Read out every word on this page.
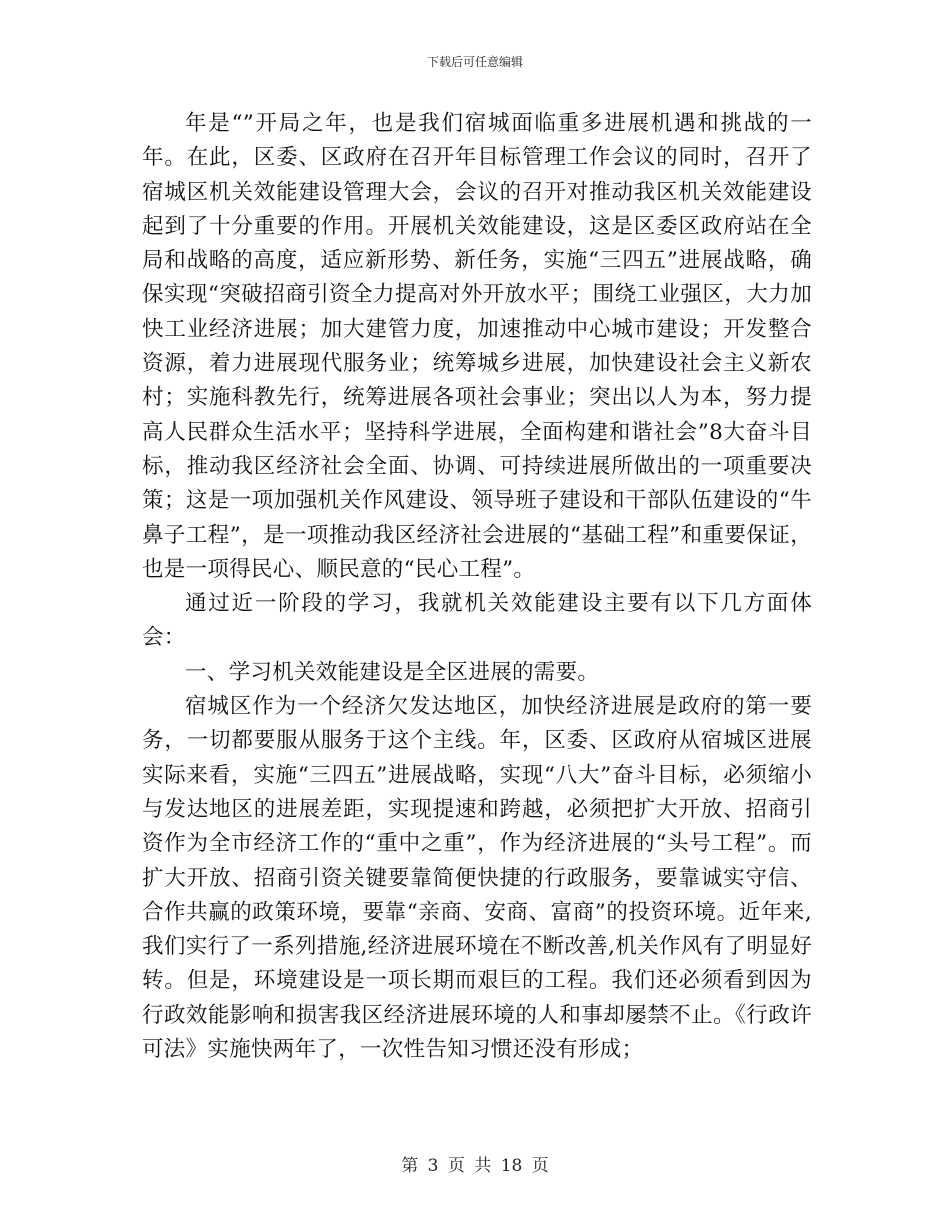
下载后可任意编辑

年是“”开局之年，也是我们宿城面临重多进展机遇和挑战的一年。在此，区委、区政府在召开年目标管理工作会议的同时，召开了宿城区机关效能建设管理大会，会议的召开对推动我区机关效能建设起到了十分重要的作用。开展机关效能建设，这是区委区政府站在全局和战略的高度，适应新形势、新任务，实施“三四五”进展战略，确保实现“突破招商引资全力提高对外开放水平；围绕工业强区，大力加快工业经济进展；加大建管力度，加速推动中心城市建设；开发整合资源，着力进展现代服务业；统筹城乡进展，加快建设社会主义新农村；实施科教先行，统筹进展各项社会事业；突出以人为本，努力提高人民群众生活水平；坚持科学进展，全面构建和谐社会”8大奋斗目标，推动我区经济社会全面、协调、可持续进展所做出的一项重要决策；这是一项加强机关作风建设、领导班子建设和干部队伍建设的“牛鼻子工程”，是一项推动我区经济社会进展的“基础工程”和重要保证，也是一项得民心、顺民意的“民心工程”。

通过近一阶段的学习，我就机关效能建设主要有以下几方面体会：

一、学习机关效能建设是全区进展的需要。

宿城区作为一个经济欠发达地区，加快经济进展是政府的第一要务，一切都要服从服务于这个主线。年，区委、区政府从宿城区进展实际来看，实施“三四五”进展战略，实现“八大”奋斗目标，必须缩小与发达地区的进展差距，实现提速和跨越，必须把扩大开放、招商引资作为全市经济工作的“重中之重”，作为经济进展的“头号工程”。而扩大开放、招商引资关键要靠简便快捷的行政服务，要靠诚实守信、合作共赢的政策环境，要靠“亲商、安商、富商”的投资环境。近年来,我们实行了一系列措施,经济进展环境在不断改善,机关作风有了明显好转。但是，环境建设是一项长期而艰巨的工程。我们还必须看到因为行政效能影响和损害我区经济进展环境的人和事却屡禁不止。《行政许可法》实施快两年了，一次性告知习惯还没有形成；

第 3 页 共 18 页
